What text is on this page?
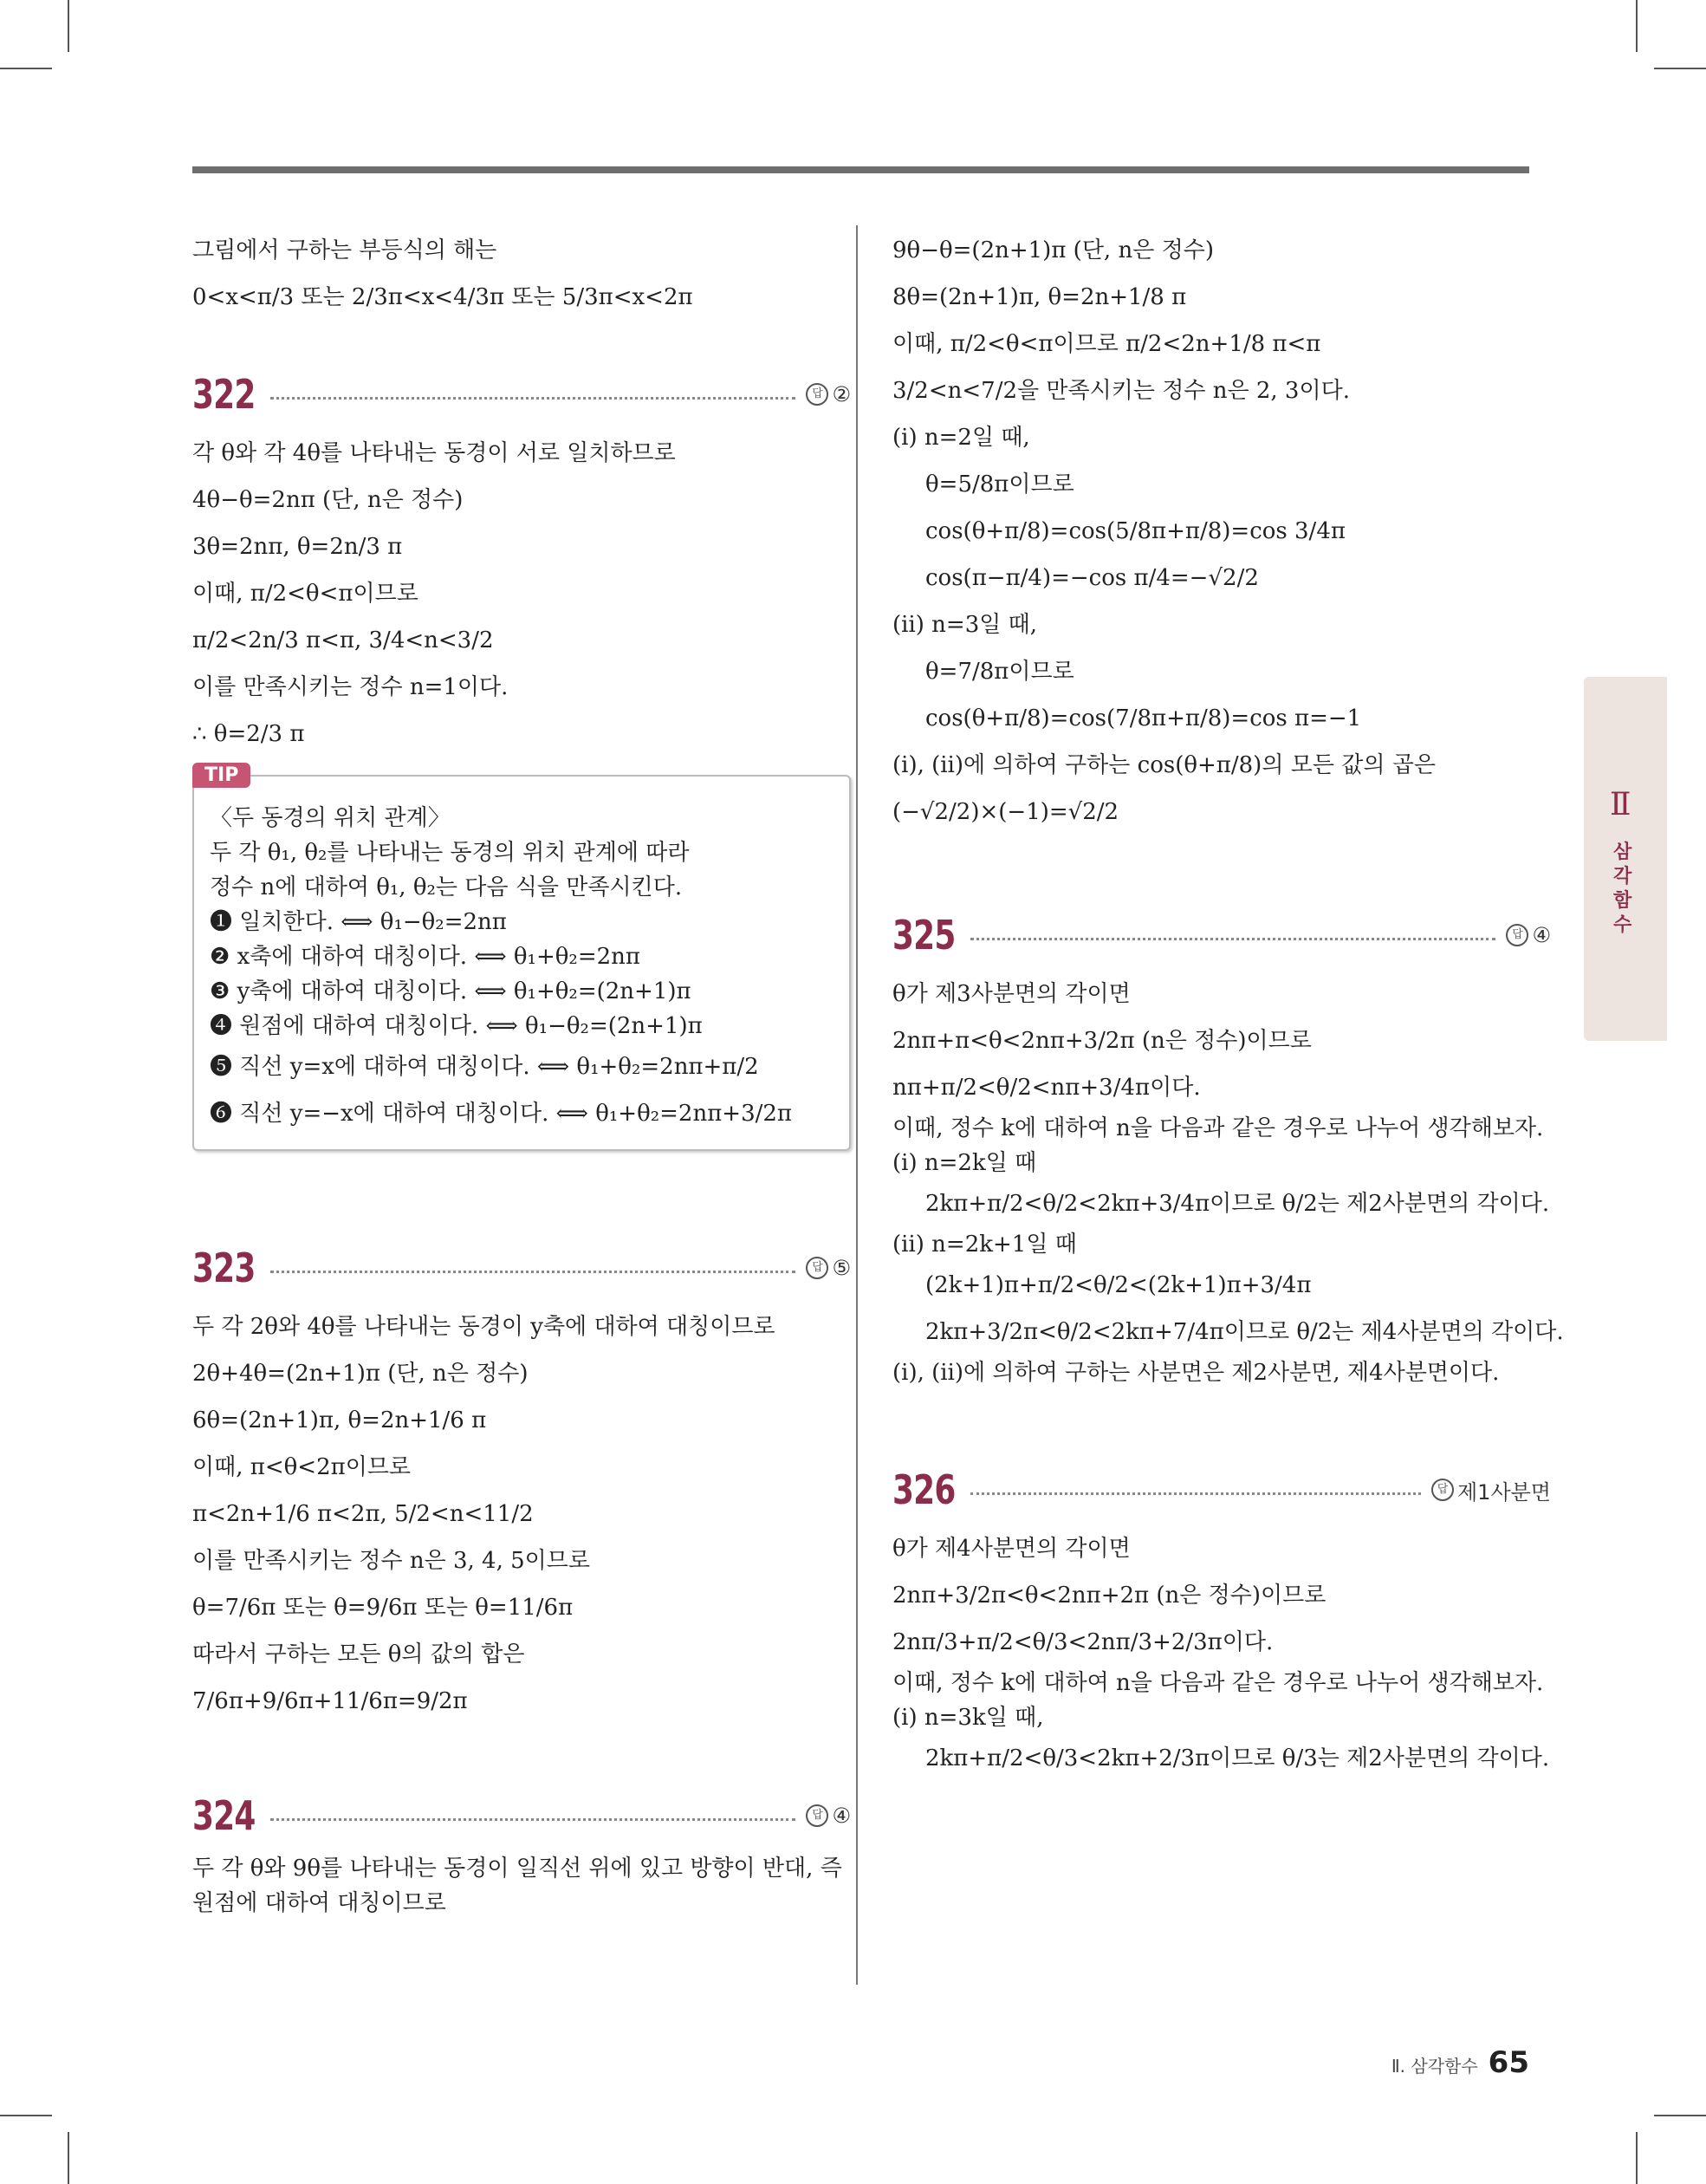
그림에서 구하는 부등식의 해는
0<x<π/3 또는 2/3π<x<4/3π 또는 5/3π<x<2π
322	답 ②
각 θ와 각 4θ를 나타내는 동경이 서로 일치하므로
4θ−θ=2nπ (단, n은 정수)
3θ=2nπ, θ=2n/3 π
이때, π/2<θ<π이므로
π/2<2n/3 π<π, 3/4<n<3/2
이를 만족시키는 정수 n=1이다.
∴ θ=2/3 π
TIP
〈두 동경의 위치 관계〉
두 각 θ₁, θ₂를 나타내는 동경의 위치 관계에 따라
정수 n에 대하여 θ₁, θ₂는 다음 식을 만족시킨다.
❶ 일치한다. ⟺ θ₁−θ₂=2nπ
❷ x축에 대하여 대칭이다. ⟺ θ₁+θ₂=2nπ
❸ y축에 대하여 대칭이다. ⟺ θ₁+θ₂=(2n+1)π
❹ 원점에 대하여 대칭이다. ⟺ θ₁−θ₂=(2n+1)π
❺ 직선 y=x에 대하여 대칭이다. ⟺ θ₁+θ₂=2nπ+π/2
❻ 직선 y=−x에 대하여 대칭이다. ⟺ θ₁+θ₂=2nπ+3/2π
323	답 ⑤
두 각 2θ와 4θ를 나타내는 동경이 y축에 대하여 대칭이므로
2θ+4θ=(2n+1)π (단, n은 정수)
6θ=(2n+1)π, θ=2n+1/6 π
이때, π<θ<2π이므로
π<2n+1/6 π<2π, 5/2<n<11/2
이를 만족시키는 정수 n은 3, 4, 5이므로
θ=7/6π 또는 θ=9/6π 또는 θ=11/6π
따라서 구하는 모든 θ의 값의 합은
7/6π+9/6π+11/6π=9/2π
324	답 ④
두 각 θ와 9θ를 나타내는 동경이 일직선 위에 있고 방향이 반대, 즉
원점에 대하여 대칭이므로
9θ−θ=(2n+1)π (단, n은 정수)
8θ=(2n+1)π, θ=2n+1/8 π
이때, π/2<θ<π이므로 π/2<2n+1/8 π<π
3/2<n<7/2을 만족시키는 정수 n은 2, 3이다.
(ⅰ) n=2일 때,
θ=5/8π이므로
cos(θ+π/8)=cos(5/8π+π/8)=cos 3/4π
cos(π−π/4)=−cos π/4=−√2/2
(ⅱ) n=3일 때,
θ=7/8π이므로
cos(θ+π/8)=cos(7/8π+π/8)=cos π=−1
(ⅰ), (ⅱ)에 의하여 구하는 cos(θ+π/8)의 모든 값의 곱은
(−√2/2)×(−1)=√2/2
325	답 ④
θ가 제3사분면의 각이면
2nπ+π<θ<2nπ+3/2π (n은 정수)이므로
nπ+π/2<θ/2<nπ+3/4π이다.
이때, 정수 k에 대하여 n을 다음과 같은 경우로 나누어 생각해보자.
(ⅰ) n=2k일 때
2kπ+π/2<θ/2<2kπ+3/4π이므로 θ/2는 제2사분면의 각이다.
(ⅱ) n=2k+1일 때
(2k+1)π+π/2<θ/2<(2k+1)π+3/4π
2kπ+3/2π<θ/2<2kπ+7/4π이므로 θ/2는 제4사분면의 각이다.
(ⅰ), (ⅱ)에 의하여 구하는 사분면은 제2사분면, 제4사분면이다.
326	답 제1사분면
θ가 제4사분면의 각이면
2nπ+3/2π<θ<2nπ+2π (n은 정수)이므로
2nπ/3+π/2<θ/3<2nπ/3+2/3π이다.
이때, 정수 k에 대하여 n을 다음과 같은 경우로 나누어 생각해보자.
(ⅰ) n=3k일 때,
2kπ+π/2<θ/3<2kπ+2/3π이므로 θ/3는 제2사분면의 각이다.
Ⅱ
삼각함수
Ⅱ. 삼각함수 65
